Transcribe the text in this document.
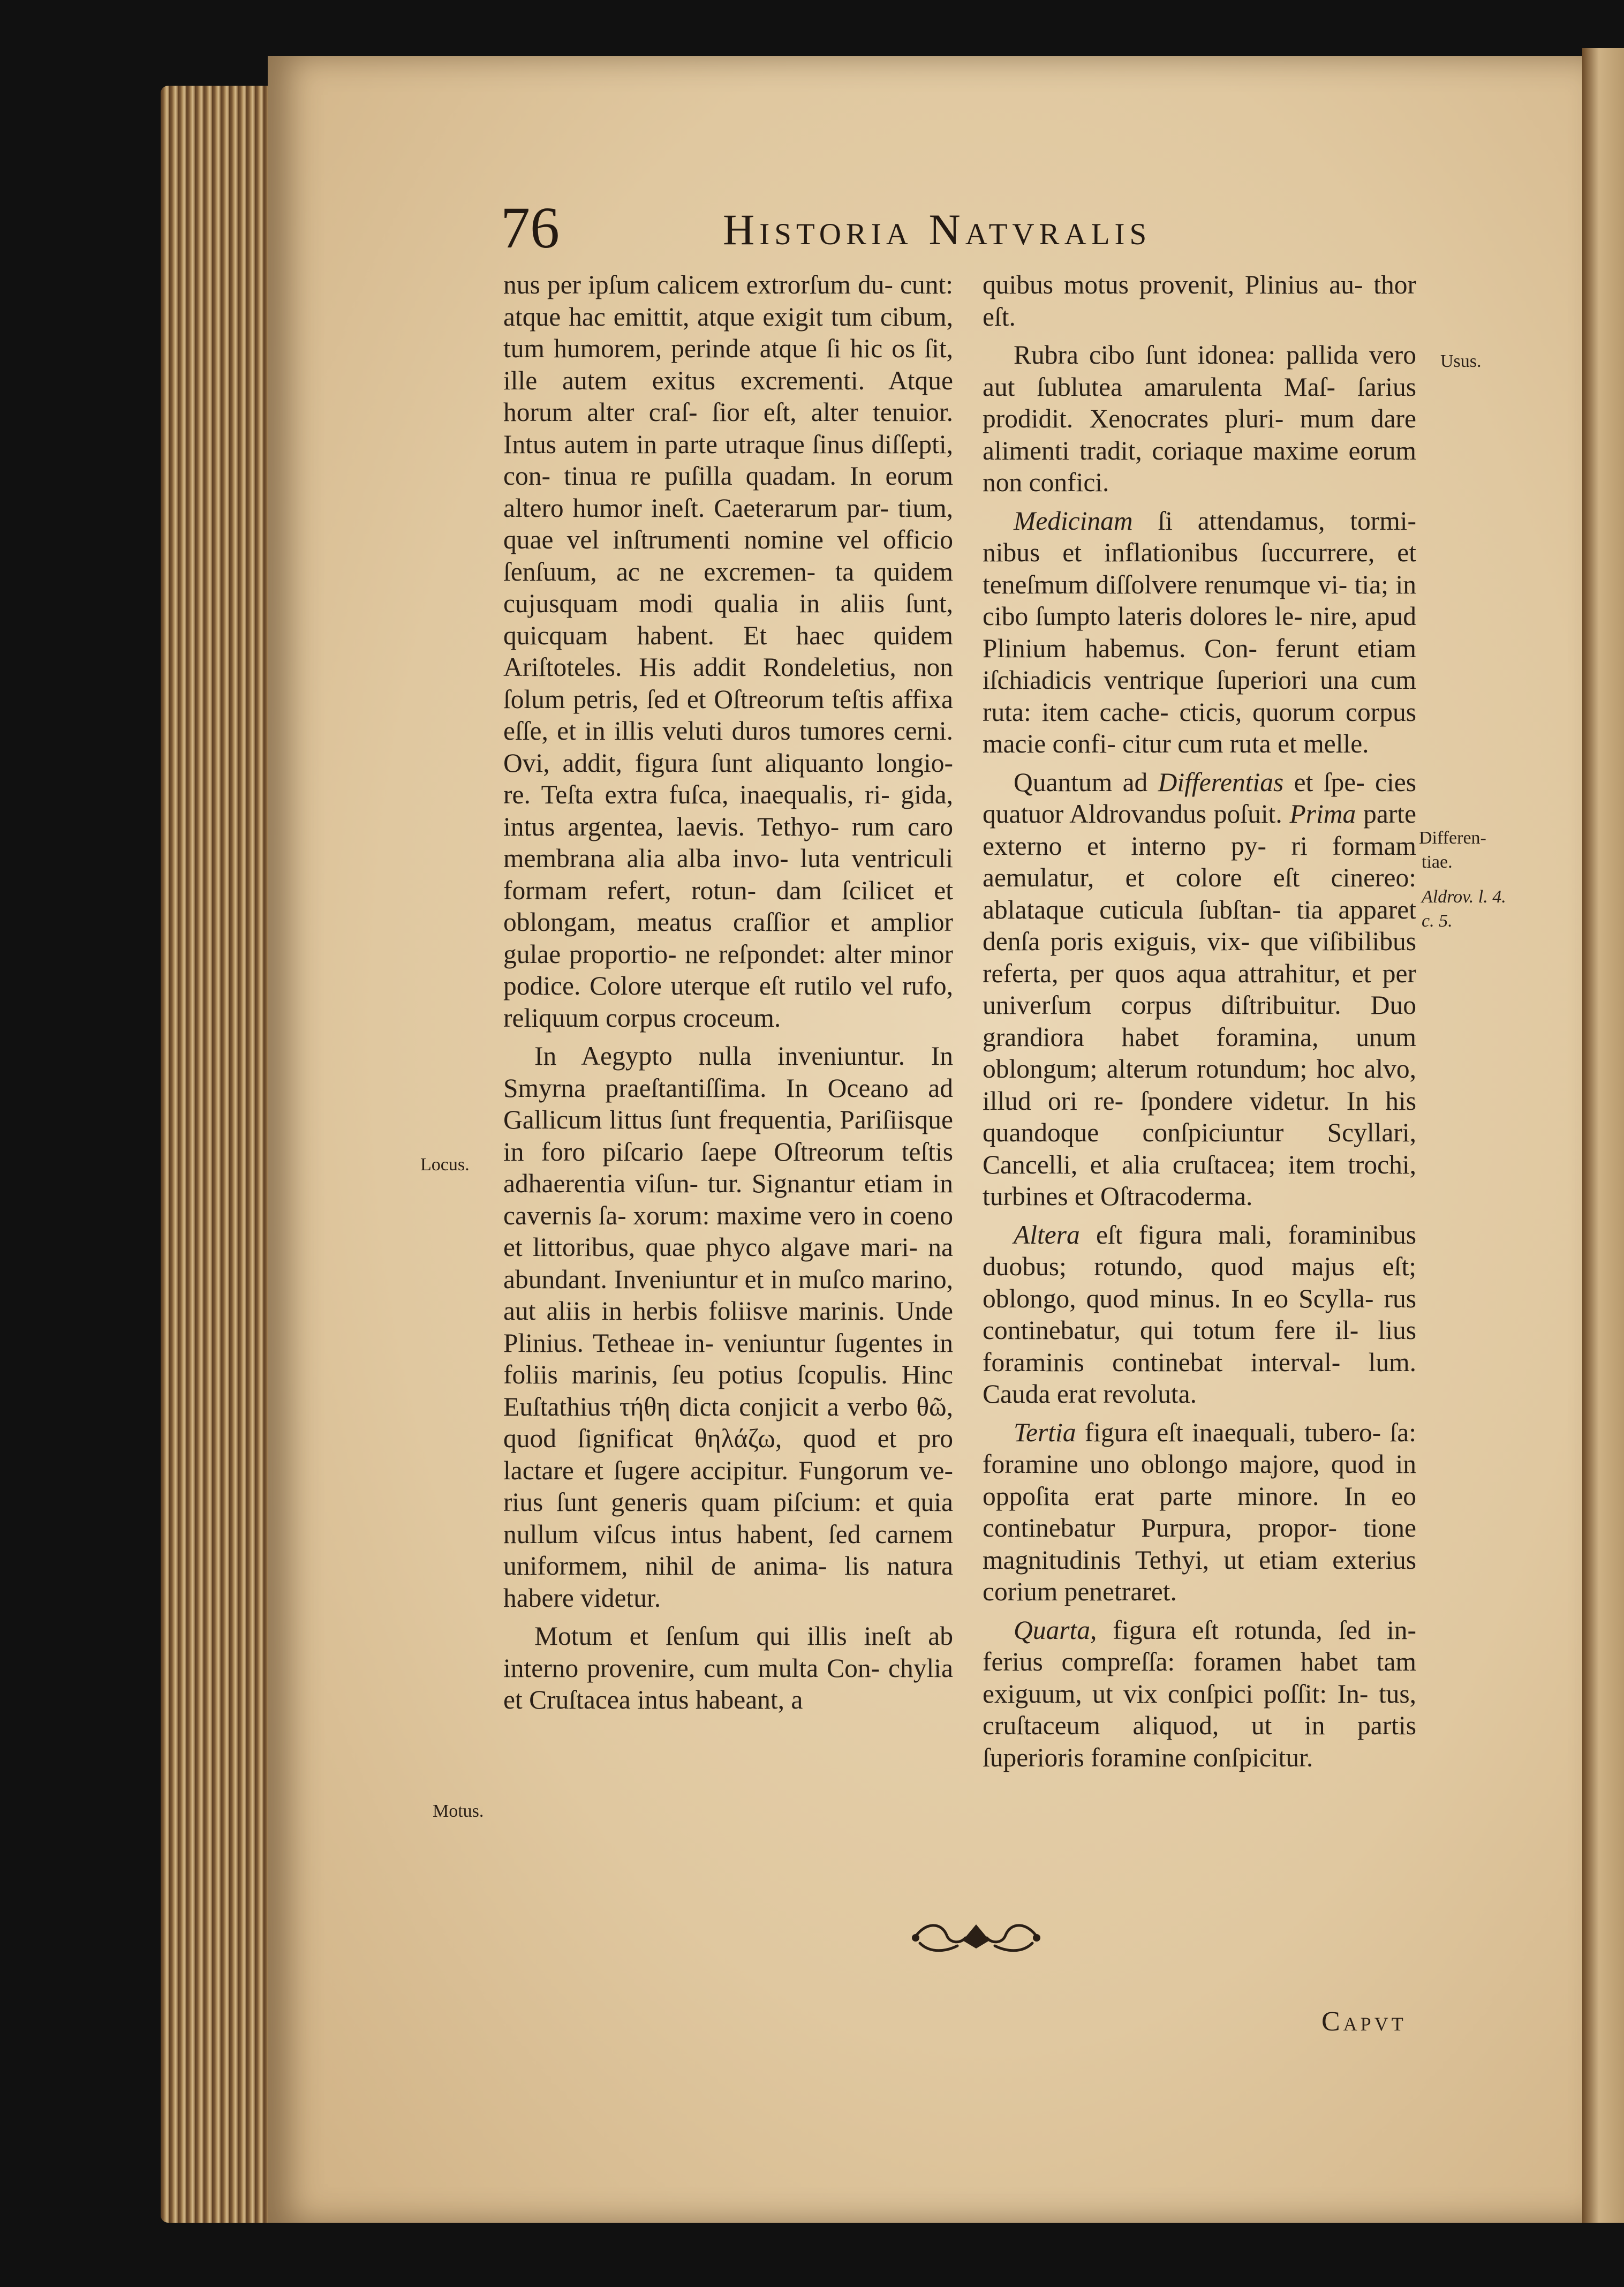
76	Historia Natvralis

nus per ipſum calicem extrorſum du- cunt: atque hac emittit, atque exigit tum cibum, tum humorem, perinde atque ſi hic os ſit, ille autem exitus excrementi. Atque horum alter craſ- ſior eſt, alter tenuior. Intus autem in parte utraque ſinus diſſepti, con- tinua re puſilla quadam. In eorum altero humor ineſt. Caeterarum par- tium, quae vel inſtrumenti nomine vel officio ſenſuum, ac ne excremen- ta quidem cujusquam modi qualia in aliis ſunt, quicquam habent. Et haec quidem Ariſtoteles. His addit Rondeletius, non ſolum petris, ſed et Oſtreorum teſtis affixa eſſe, et in illis veluti duros tumores cerni. Ovi, addit, figura ſunt aliquanto longio- re. Teſta extra fuſca, inaequalis, ri- gida, intus argentea, laevis. Tethyo- rum caro membrana alia alba invo- luta ventriculi formam refert, rotun- dam ſcilicet et oblongam, meatus craſſior et amplior gulae proportio- ne reſpondet: alter minor podice. Colore uterque eſt rutilo vel rufo, reliquum corpus croceum.

In Aegypto nulla inveniuntur. In Smyrna praeſtantiſſima. In Oceano ad Gallicum littus ſunt frequentia, Pariſiisque in foro piſcario ſaepe Oſtreorum teſtis adhaerentia viſun- tur. Signantur etiam in cavernis ſa- xorum: maxime vero in coeno et littoribus, quae phyco algave mari- na abundant. Inveniuntur et in muſco marino, aut aliis in herbis foliisve marinis. Unde Plinius. Tetheae in- veniuntur ſugentes in foliis marinis, ſeu potius ſcopulis. Hinc Euſtathius τήθη dicta conjicit a verbo θῶ, quod ſignificat θηλάζω, quod et pro lactare et ſugere accipitur. Fungorum ve- rius ſunt generis quam piſcium: et quia nullum viſcus intus habent, ſed carnem uniformem, nihil de anima- lis natura habere videtur.

Motum et ſenſum qui illis ineſt ab interno provenire, cum multa Con- chylia et Cruſtacea intus habeant, a

quibus motus provenit, Plinius au- thor eſt.

Rubra cibo ſunt idonea: pallida vero aut ſublutea amarulenta Maſ- ſarius prodidit. Xenocrates pluri- mum dare alimenti tradit, coriaque maxime eorum non confici.

Medicinam ſi attendamus, tormi- nibus et inflationibus ſuccurrere, et teneſmum diſſolvere renumque vi- tia; in cibo ſumpto lateris dolores le- nire, apud Plinium habemus. Con- ferunt etiam iſchiadicis ventrique ſuperiori una cum ruta: item cache- cticis, quorum corpus macie confi- citur cum ruta et melle.

Quantum ad Differentias et ſpe- cies quatuor Aldrovandus poſuit. Prima parte externo et interno py- ri formam aemulatur, et colore eſt cinereo: ablataque cuticula ſubſtan- tia apparet denſa poris exiguis, vix- que viſibilibus referta, per quos aqua attrahitur, et per univerſum corpus diſtribuitur. Duo grandiora habet foramina, unum oblongum; alterum rotundum; hoc alvo, illud ori re- ſpondere videtur. In his quandoque conſpiciuntur Scyllari, Cancelli, et alia cruſtacea; item trochi, turbines et Oſtracoderma.

Altera eſt figura mali, foraminibus duobus; rotundo, quod majus eſt; oblongo, quod minus. In eo Scylla- rus continebatur, qui totum fere il- lius foraminis continebat interval- lum. Cauda erat revoluta.

Tertia figura eſt inaequali, tubero- ſa: foramine uno oblongo majore, quod in oppoſita erat parte minore. In eo continebatur Purpura, propor- tione magnitudinis Tethyi, ut etiam exterius corium penetraret.

Quarta, figura eſt rotunda, ſed in- ferius compreſſa: foramen habet tam exiguum, ut vix conſpici poſſit: In- tus, cruſtaceum aliquod, ut in partis ſuperioris foramine conſpicitur.

Usus.
Differen-
tiae.
Aldrov. l. 4.
c. 5.
Locus.
Motus.
Capvt
